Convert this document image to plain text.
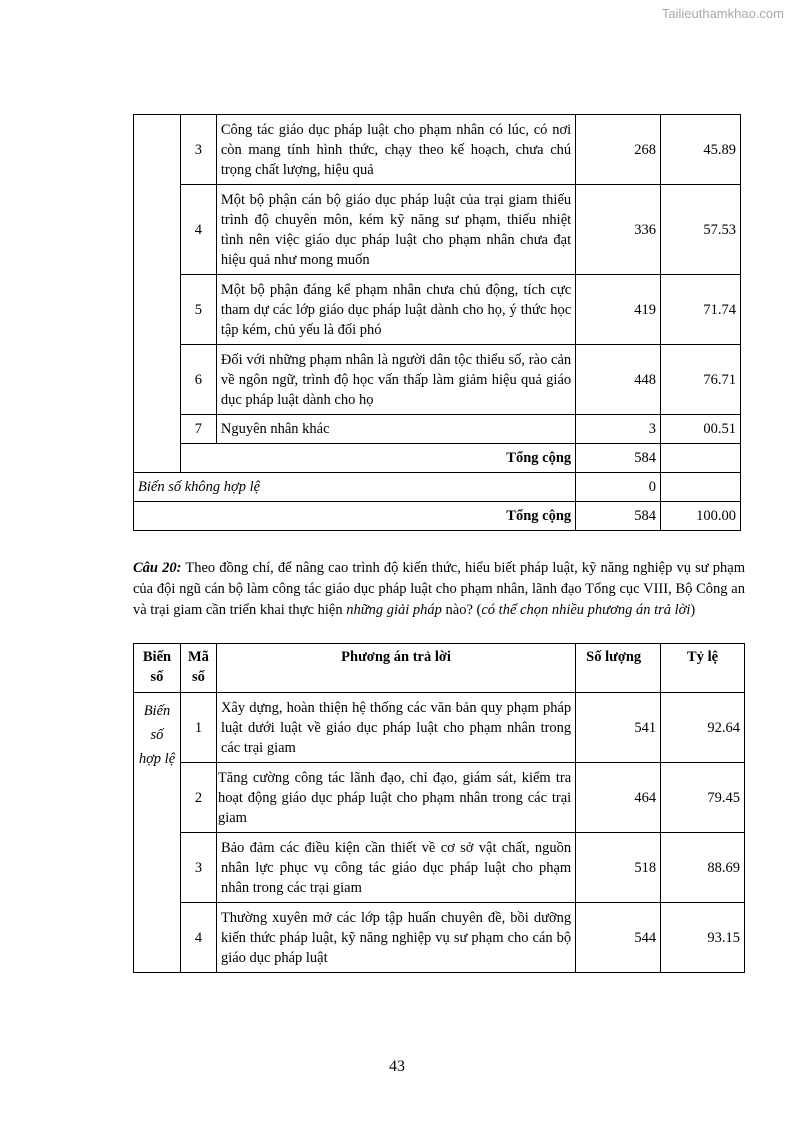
Tailieuthamkhao.com
	3	Công tác giáo dục pháp luật cho phạm nhân có lúc, có nơi còn mang tính hình thức, chạy theo kế hoạch, chưa chú trọng chất lượng, hiệu quả	268	45.89
	4	Một bộ phận cán bộ giáo dục pháp luật của trại giam thiếu trình độ chuyên môn, kém kỹ năng sư phạm, thiếu nhiệt tình nên việc giáo dục pháp luật cho phạm nhân chưa đạt hiệu quả như mong muốn	336	57.53
	5	Một bộ phận đáng kể phạm nhân chưa chủ động, tích cực tham dự các lớp giáo dục pháp luật dành cho họ, ý thức học tập kém, chủ yếu là đối phó	419	71.74
	6	Đối với những phạm nhân là người dân tộc thiểu số, rào cản về ngôn ngữ, trình độ học vấn thấp làm giảm hiệu quả giáo dục pháp luật dành cho họ	448	76.71
	7	Nguyên nhân khác	3	00.51
		Tổng cộng	584	
Biến số không hợp lệ			0	
Tổng cộng			584	100.00
Câu 20: Theo đồng chí, để nâng cao trình độ kiến thức, hiểu biết pháp luật, kỹ năng nghiệp vụ sư phạm của đội ngũ cán bộ làm công tác giáo dục pháp luật cho phạm nhân, lãnh đạo Tổng cục VIII, Bộ Công an và trại giam cần triển khai thực hiện những giải pháp nào? (có thể chọn nhiều phương án trả lời)
Biến số	Mã số	Phương án trả lời	Số lượng	Tỷ lệ
Biến số hợp lệ	1	Xây dựng, hoàn thiện hệ thống các văn bản quy phạm pháp luật dưới luật về giáo dục pháp luật cho phạm nhân trong các trại giam	541	92.64
	2	Tăng cường công tác lãnh đạo, chỉ đạo, giám sát, kiểm tra hoạt động giáo dục pháp luật cho phạm nhân trong các trại giam	464	79.45
	3	Bảo đảm các điều kiện cần thiết về cơ sở vật chất, nguồn nhân lực phục vụ công tác giáo dục pháp luật cho phạm nhân trong các trại giam	518	88.69
	4	Thường xuyên mở các lớp tập huấn chuyên đề, bồi dưỡng kiến thức pháp luật, kỹ năng nghiệp vụ sư phạm cho cán bộ giáo dục pháp luật	544	93.15
43
